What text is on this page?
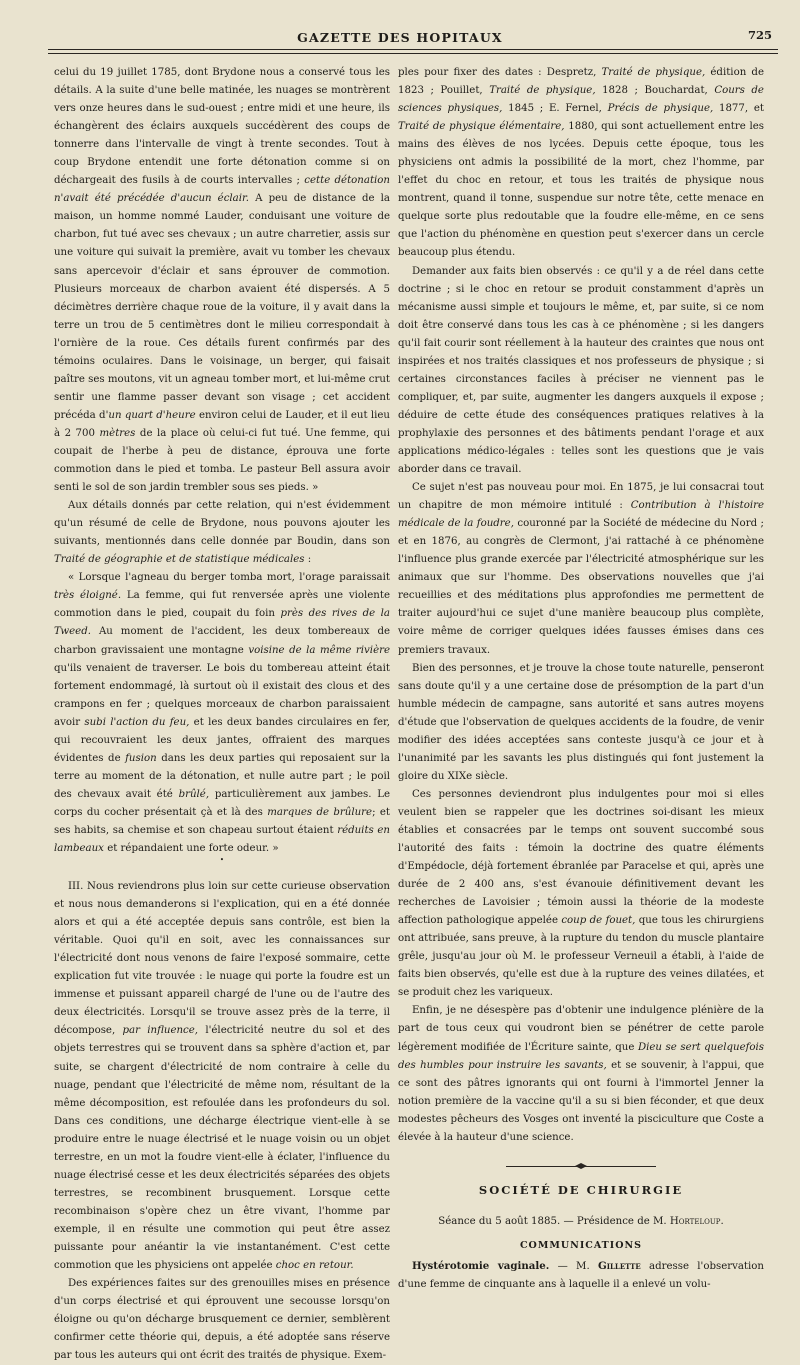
GAZETTE DES HOPITAUX	725

celui du 19 juillet 1785, dont Brydone nous a conservé tous les détails. A la suite d'une belle matinée, les nuages se montrèrent vers onze heures dans le sud-ouest ; entre midi et une heure, ils échangèrent des éclairs auxquels succédèrent des coups de tonnerre dans l'intervalle de vingt à trente secondes. Tout à coup Brydone entendit une forte détonation comme si on déchargeait des fusils à de courts intervalles ; cette détonation n'avait été précédée d'aucun éclair. A peu de distance de la maison, un homme nommé Lauder, conduisant une voiture de charbon, fut tué avec ses chevaux ; un autre charretier, assis sur une voiture qui suivait la première, avait vu tomber les chevaux sans apercevoir d'éclair et sans éprouver de commotion. Plusieurs morceaux de charbon avaient été dispersés. A 5 décimètres derrière chaque roue de la voiture, il y avait dans la terre un trou de 5 centimètres dont le milieu correspondait à l'ornière de la roue. Ces détails furent confirmés par des témoins oculaires. Dans le voisinage, un berger, qui faisait paître ses moutons, vit un agneau tomber mort, et lui-même crut sentir une flamme passer devant son visage ; cet accident précéda d'un quart d'heure environ celui de Lauder, et il eut lieu à 2 700 mètres de la place où celui-ci fut tué. Une femme, qui coupait de l'herbe à peu de distance, éprouva une forte commotion dans le pied et tomba. Le pasteur Bell assura avoir senti le sol de son jardin trembler sous ses pieds. »

Aux détails donnés par cette relation, qui n'est évidemment qu'un résumé de celle de Brydone, nous pouvons ajouter les suivants, mentionnés dans celle donnée par Boudin, dans son Traité de géographie et de statistique médicales :

« Lorsque l'agneau du berger tomba mort, l'orage paraissait très éloigné. La femme, qui fut renversée après une violente commotion dans le pied, coupait du foin près des rives de la Tweed. Au moment de l'accident, les deux tombereaux de charbon gravissaient une montagne voisine de la même rivière qu'ils venaient de traverser. Le bois du tombereau atteint était fortement endommagé, là surtout où il existait des clous et des crampons en fer ; quelques morceaux de charbon paraissaient avoir subi l'action du feu, et les deux bandes circulaires en fer, qui recouvraient les deux jantes, offraient des marques évidentes de fusion dans les deux parties qui reposaient sur la terre au moment de la détonation, et nulle autre part ; le poil des chevaux avait été brûlé, particulièrement aux jambes. Le corps du cocher présentait çà et là des marques de brûlure; et ses habits, sa chemise et son chapeau surtout étaient réduits en lambeaux et répandaient une forte odeur. »

•

III. Nous reviendrons plus loin sur cette curieuse observation et nous nous demanderons si l'explication, qui en a été donnée alors et qui a été acceptée depuis sans contrôle, est bien la véritable. Quoi qu'il en soit, avec les connaissances sur l'électricité dont nous venons de faire l'exposé sommaire, cette explication fut vite trouvée : le nuage qui porte la foudre est un immense et puissant appareil chargé de l'une ou de l'autre des deux électricités. Lorsqu'il se trouve assez près de la terre, il décompose, par influence, l'électricité neutre du sol et des objets terrestres qui se trouvent dans sa sphère d'action et, par suite, se chargent d'électricité de nom contraire à celle du nuage, pendant que l'électricité de même nom, résultant de la même décomposition, est refoulée dans les profondeurs du sol. Dans ces conditions, une décharge électrique vient-elle à se produire entre le nuage électrisé et le nuage voisin ou un objet terrestre, en un mot la foudre vient-elle à éclater, l'influence du nuage électrisé cesse et les deux électricités séparées des objets terrestres, se recombinent brusquement. Lorsque cette recombinaison s'opère chez un être vivant, l'homme par exemple, il en résulte une commotion qui peut être assez puissante pour anéantir la vie instantanément. C'est cette commotion que les physiciens ont appelée choc en retour.

Des expériences faites sur des grenouilles mises en présence d'un corps électrisé et qui éprouvent une secousse lorsqu'on éloigne ou qu'on décharge brusquement ce dernier, semblèrent confirmer cette théorie qui, depuis, a été adoptée sans réserve par tous les auteurs qui ont écrit des traités de physique. Exem-

ples pour fixer des dates : Despretz, Traité de physique, édition de 1823 ; Pouillet, Traité de physique, 1828 ; Bouchardat, Cours de sciences physiques, 1845 ; E. Fernel, Précis de physique, 1877, et Traité de physique élémentaire, 1880, qui sont actuellement entre les mains des élèves de nos lycées. Depuis cette époque, tous les physiciens ont admis la possibilité de la mort, chez l'homme, par l'effet du choc en retour, et tous les traités de physique nous montrent, quand il tonne, suspendue sur notre tête, cette menace en quelque sorte plus redoutable que la foudre elle-même, en ce sens que l'action du phénomène en question peut s'exercer dans un cercle beaucoup plus étendu.

Demander aux faits bien observés : ce qu'il y a de réel dans cette doctrine ; si le choc en retour se produit constamment d'après un mécanisme aussi simple et toujours le même, et, par suite, si ce nom doit être conservé dans tous les cas à ce phénomène ; si les dangers qu'il fait courir sont réellement à la hauteur des craintes que nous ont inspirées et nos traités classiques et nos professeurs de physique ; si certaines circonstances faciles à préciser ne viennent pas le compliquer, et, par suite, augmenter les dangers auxquels il expose ; déduire de cette étude des conséquences pratiques relatives à la prophylaxie des personnes et des bâtiments pendant l'orage et aux applications médico-légales : telles sont les questions que je vais aborder dans ce travail.

Ce sujet n'est pas nouveau pour moi. En 1875, je lui consacrai tout un chapitre de mon mémoire intitulé : Contribution à l'histoire médicale de la foudre, couronné par la Société de médecine du Nord ; et en 1876, au congrès de Clermont, j'ai rattaché à ce phénomène l'influence plus grande exercée par l'électricité atmosphérique sur les animaux que sur l'homme. Des observations nouvelles que j'ai recueillies et des méditations plus approfondies me permettent de traiter aujourd'hui ce sujet d'une manière beaucoup plus complète, voire même de corriger quelques idées fausses émises dans ces premiers travaux.

Bien des personnes, et je trouve la chose toute naturelle, penseront sans doute qu'il y a une certaine dose de présomption de la part d'un humble médecin de campagne, sans autorité et sans autres moyens d'étude que l'observation de quelques accidents de la foudre, de venir modifier des idées acceptées sans conteste jusqu'à ce jour et à l'unanimité par les savants les plus distingués qui font justement la gloire du XIXe siècle.

Ces personnes deviendront plus indulgentes pour moi si elles veulent bien se rappeler que les doctrines soi-disant les mieux établies et consacrées par le temps ont souvent succombé sous l'autorité des faits : témoin la doctrine des quatre éléments d'Empédocle, déjà fortement ébranlée par Paracelse et qui, après une durée de 2 400 ans, s'est évanouie définitivement devant les recherches de Lavoisier ; témoin aussi la théorie de la modeste affection pathologique appelée coup de fouet, que tous les chirurgiens ont attribuée, sans preuve, à la rupture du tendon du muscle plantaire grêle, jusqu'au jour où M. le professeur Verneuil a établi, à l'aide de faits bien observés, qu'elle est due à la rupture des veines dilatées, et se produit chez les variqueux.

Enfin, je ne désespère pas d'obtenir une indulgence plénière de la part de tous ceux qui voudront bien se pénétrer de cette parole légèrement modifiée de l'Écriture sainte, que Dieu se sert quelquefois des humbles pour instruire les savants, et se souvenir, à l'appui, que ce sont des pâtres ignorants qui ont fourni à l'immortel Jenner la notion première de la vaccine qu'il a su si bien féconder, et que deux modestes pêcheurs des Vosges ont inventé la pisciculture que Coste a élevée à la hauteur d'une science.

SOCIÉTÉ DE CHIRURGIE
Séance du 5 août 1885. — Présidence de M. Horteloup.
COMMUNICATIONS

Hystérotomie vaginale. — M. Gillette adresse l'observation d'une femme de cinquante ans à laquelle il a enlevé un volu-
